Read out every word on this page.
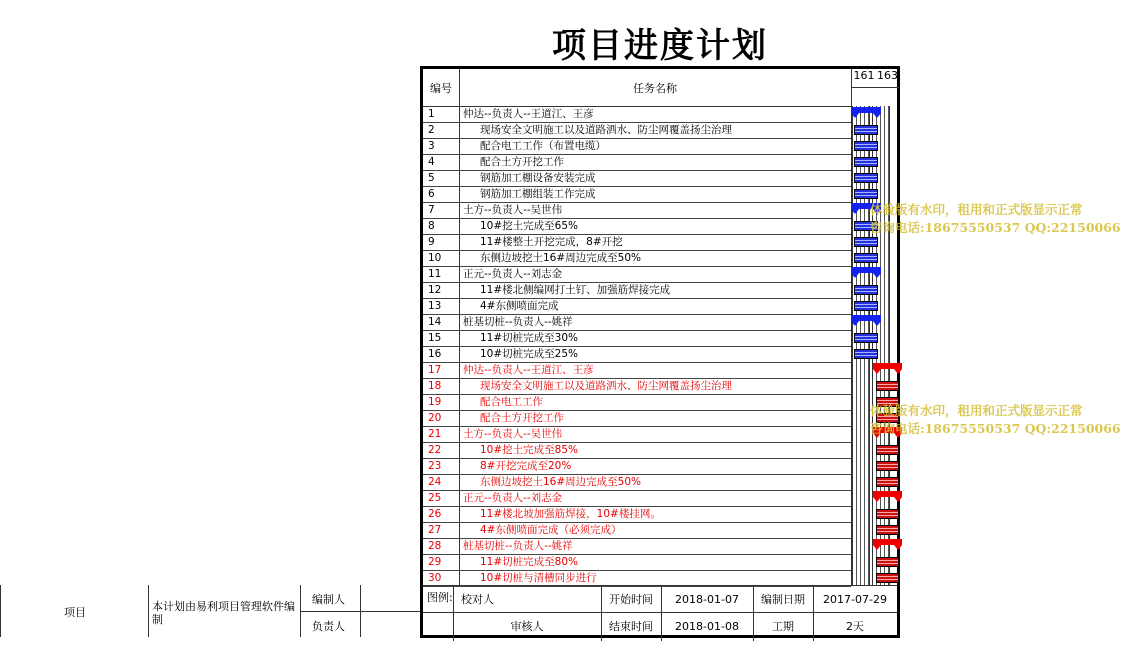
项目进度计划
项目	本计划由易利项目管理软件编制
编制人
负责人
编号	任务名称
161 163
1	仲达--负责人--王道江、王彦
2	现场安全文明施工以及道路洒水、防尘网覆盖扬尘治理
3	配合电工工作（布置电缆）
4	配合土方开挖工作
5	钢筋加工棚设备安装完成
6	钢筋加工棚组装工作完成
7	土方--负责人--吴世伟
8	10#挖土完成至65%
9	11#楼整土开挖完成，8#开挖
10	东侧边坡挖土16#周边完成至50%
11	正元--负责人--刘志金
12	11#楼北侧编网打土钉、加强筋焊接完成
13	4#东侧喷面完成
14	桩基切桩--负责人--姚祥
15	11#切桩完成至30%
16	10#切桩完成至25%
17	仲达--负责人--王道江、王彦
18	现场安全文明施工以及道路洒水、防尘网覆盖扬尘治理
19	配合电工工作
20	配合土方开挖工作
21	土方--负责人--吴世伟
22	10#挖土完成至85%
23	8#开挖完成至20%
24	东侧边坡挖土16#周边完成至50%
25	正元--负责人--刘志金
26	11#楼北坡加强筋焊接，10#楼挂网。
27	4#东侧喷面完成（必须完成）
28	桩基切桩--负责人--姚祥
29	11#切桩完成至80%
30	10#切桩与清槽同步进行
图例: 校对人
审核人
开始时间	2018-01-07
结束时间	2018-01-08
编制日期	2017-07-29
工期	2天
体验版有水印，租用和正式版显示正常
咨询电话:18675550537 QQ:22150066
体验版有水印，租用和正式版显示正常
咨询电话:18675550537 QQ:22150066
